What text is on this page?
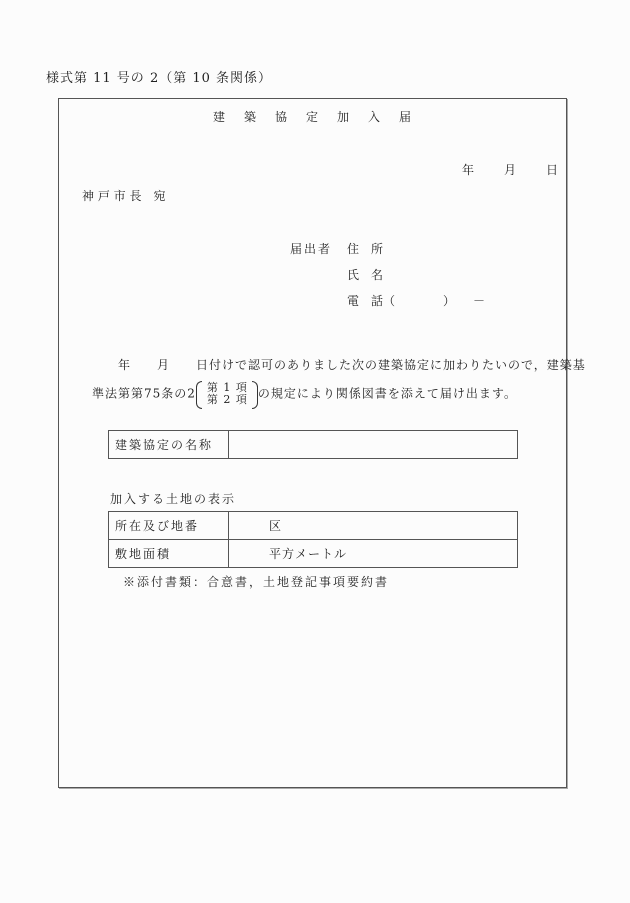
様式第 11 号の 2（第 10 条関係）
建 築 協 定 加 入 届
年 月 日
神 戸 市 長　宛
届出者 住　所
氏　名
電　話（　　　　）　　－
年　　月　　日付けで認可のありました次の建築協定に加わりたいので，建築基
準法第第75条の2 第 1 項
第 2 項 の規定により関係図書を添えて届け出ます。
建築協定の名称	
加入する土地の表示
所在及び地番	区
敷地面積	平方メートル
※添付書類：合意書，土地登記事項要約書
